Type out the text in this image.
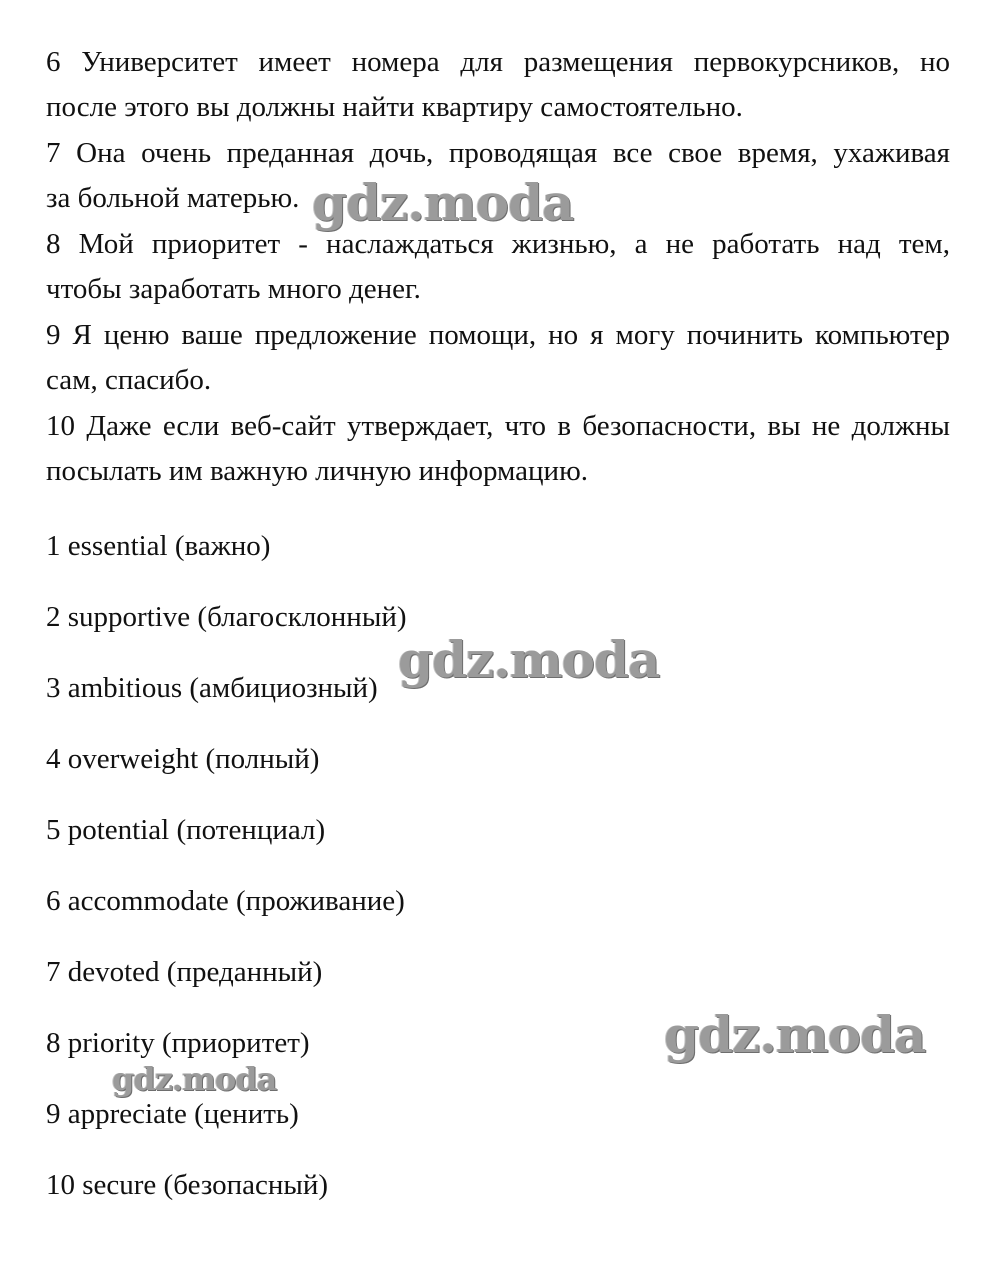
6 Университет имеет номера для размещения первокурсников, но
после этого вы должны найти квартиру самостоятельно.
7 Она очень преданная дочь, проводящая все свое время, ухаживая
за больной матерью.
8 Мой приоритет - наслаждаться жизнью, а не работать над тем,
чтобы заработать много денег.
9 Я ценю ваше предложение помощи, но я могу починить компьютер
сам, спасибо.
10 Даже если веб-сайт утверждает, что в безопасности, вы не должны
посылать им важную личную информацию.
1 essential (важно)
2 supportive (благосклонный)
3 ambitious (амбициозный)
4 overweight (полный)
5 potential (потенциал)
6 accommodate (проживание)
7 devoted (преданный)
8 priority (приоритет)
9 appreciate (ценить)
10 secure (безопасный)
gdz.moda
gdz.moda
gdz.moda
gdz.moda
